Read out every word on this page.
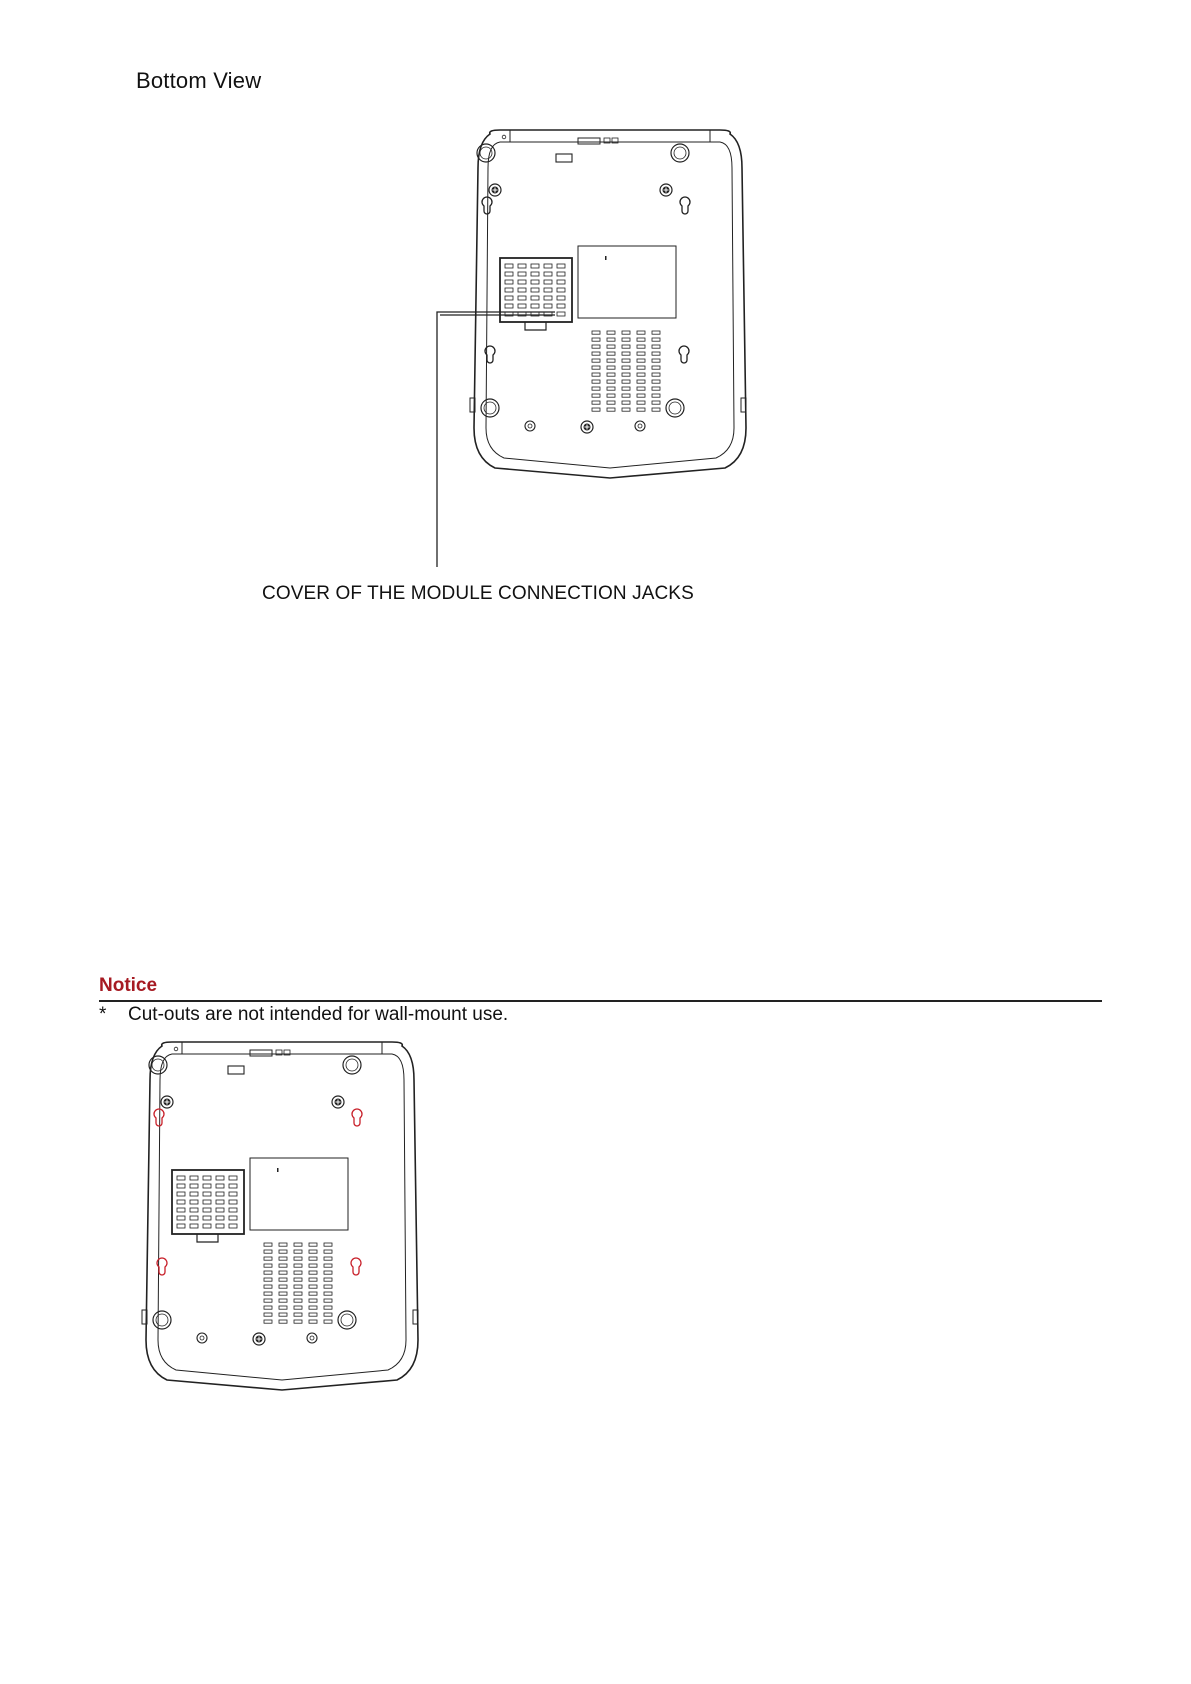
Bottom View
COVER OF THE MODULE CONNECTION JACKS
Notice
* Cut-outs are not intended for wall-mount use.
